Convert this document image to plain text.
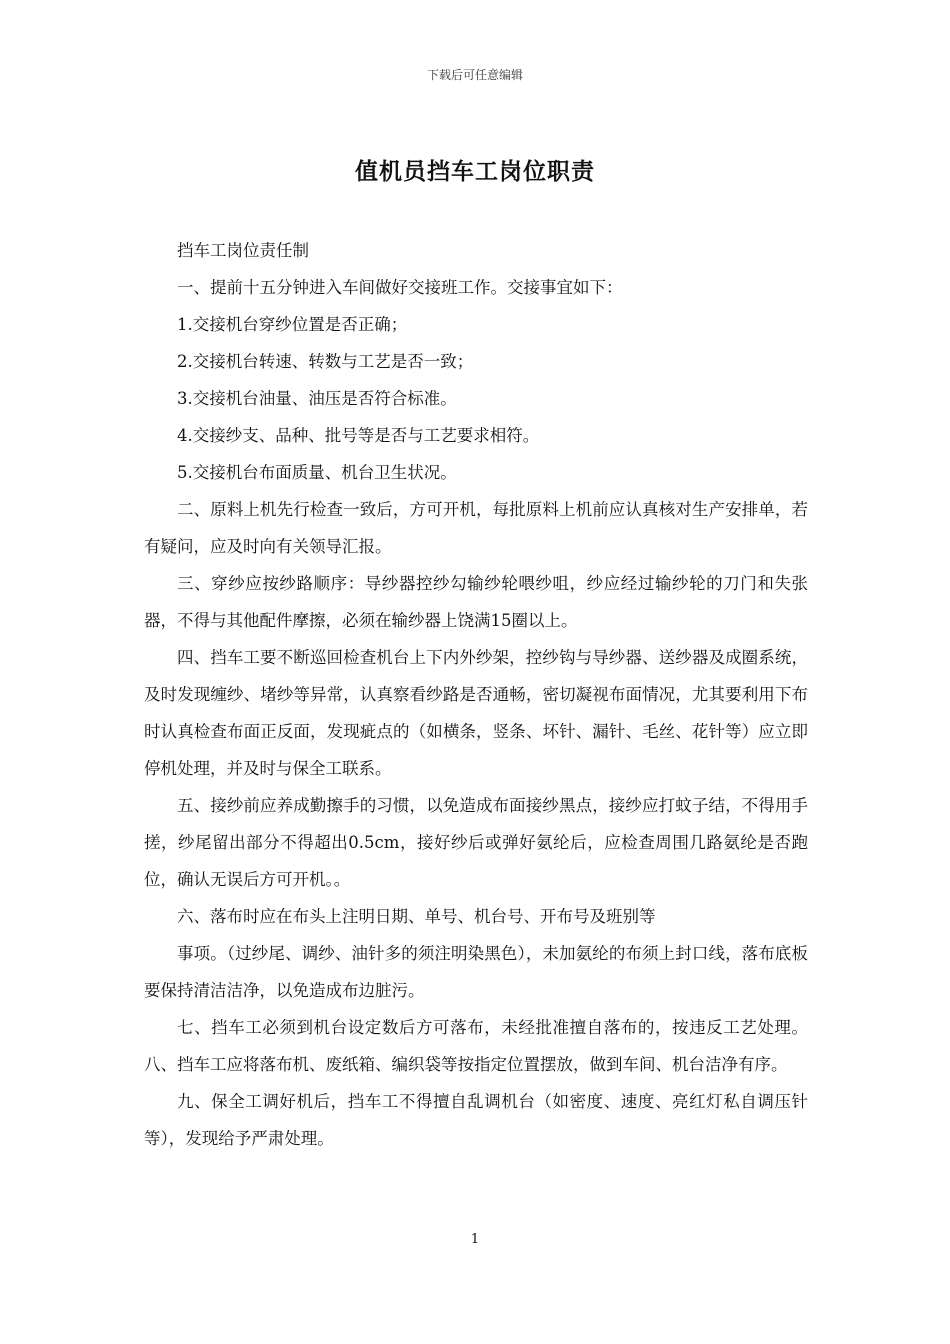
下载后可任意编辑
值机员挡车工岗位职责

挡车工岗位责任制

一、提前十五分钟进入车间做好交接班工作。交接事宜如下：

1.交接机台穿纱位置是否正确；

2.交接机台转速、转数与工艺是否一致；

3.交接机台油量、油压是否符合标准。

4.交接纱支、品种、批号等是否与工艺要求相符。

5.交接机台布面质量、机台卫生状况。

二、原料上机先行检查一致后，方可开机，每批原料上机前应认真核对生产安排单，若有疑问，应及时向有关领导汇报。

三、穿纱应按纱路顺序：导纱器控纱勾输纱轮喂纱咀，纱应经过输纱轮的刀门和失张器，不得与其他配件摩擦，必须在输纱器上饶满15圈以上。

四、挡车工要不断巡回检查机台上下内外纱架，控纱钩与导纱器、送纱器及成圈系统，及时发现缠纱、堵纱等异常，认真察看纱路是否通畅，密切凝视布面情况，尤其要利用下布时认真检查布面正反面，发现疵点的（如横条，竖条、坏针、漏针、毛丝、花针等）应立即停机处理，并及时与保全工联系。

五、接纱前应养成勤擦手的习惯，以免造成布面接纱黑点，接纱应打蚊子结，不得用手搓，纱尾留出部分不得超出0.5cm，接好纱后或弹好氨纶后，应检查周围几路氨纶是否跑位，确认无误后方可开机。。

六、落布时应在布头上注明日期、单号、机台号、开布号及班别等

事项。（过纱尾、调纱、油针多的须注明染黑色），未加氨纶的布须上封口线，落布底板要保持清洁洁净，以免造成布边脏污。

七、挡车工必须到机台设定数后方可落布，未经批准擅自落布的，按违反工艺处理。八、挡车工应将落布机、废纸箱、编织袋等按指定位置摆放，做到车间、机台洁净有序。

九、保全工调好机后，挡车工不得擅自乱调机台（如密度、速度、亮红灯私自调压针等），发现给予严肃处理。

1
